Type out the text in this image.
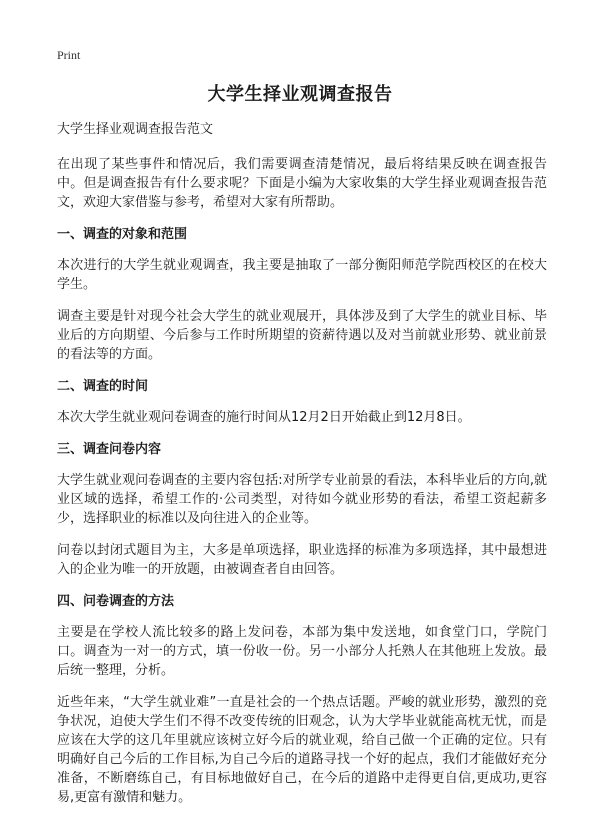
Print
大学生择业观调查报告

大学生择业观调查报告范文

在出现了某些事件和情况后，我们需要调查清楚情况，最后将结果反映在调查报告中。但是调查报告有什么要求呢？下面是小编为大家收集的大学生择业观调查报告范文，欢迎大家借鉴与参考，希望对大家有所帮助。

一、调查的对象和范围

本次进行的大学生就业观调查，我主要是抽取了一部分衡阳师范学院西校区的在校大学生。

调查主要是针对现今社会大学生的就业观展开，具体涉及到了大学生的就业目标、毕业后的方向期望、今后参与工作时所期望的资薪待遇以及对当前就业形势、就业前景的看法等的方面。

二、调查的时间

本次大学生就业观问卷调查的施行时间从12月2日开始截止到12月8日。

三、调查问卷内容

大学生就业观问卷调查的主要内容包括:对所学专业前景的看法，本科毕业后的方向,就业区域的选择，希望工作的·公司类型，对待如今就业形势的看法，希望工资起薪多少，选择职业的标准以及向往进入的企业等。

问卷以封闭式题目为主，大多是单项选择，职业选择的标准为多项选择，其中最想进入的企业为唯一的开放题，由被调查者自由回答。

四、问卷调查的方法

主要是在学校人流比较多的路上发问卷，本部为集中发送地，如食堂门口，学院门口。调查为一对一的方式，填一份收一份。另一小部分人托熟人在其他班上发放。最后统一整理，分析。

近些年来，“大学生就业难”一直是社会的一个热点话题。严峻的就业形势，激烈的竞争状况，迫使大学生们不得不改变传统的旧观念，认为大学毕业就能高枕无忧，而是应该在大学的这几年里就应该树立好今后的就业观，给自己做一个正确的定位。只有明确好自己今后的工作目标,为自己今后的道路寻找一个好的起点，我们才能做好充分准备，不断磨练自己，有目标地做好自己，在今后的道路中走得更自信,更成功,更容易,更富有激情和魅力。
